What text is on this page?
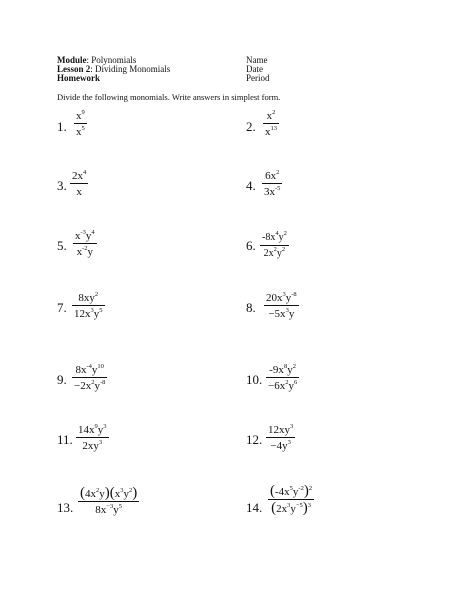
Module: Polynomials
Lesson 2: Dividing Monomials
Homework
Name
Date
Period
Divide the following monomials. Write answers in simplest form.
1.
$x^9$
$x^5$	2.
$x^2$
$x^{13}$
3.
$2x^4$
x	4.
$6x^2$
$3x^{-5}$
5.
$x^{-3}y^4$
$x^{-2}y$	6.
$-8x^4y^2$
$2x^2y^2$
7.
$8xy^2$
$12x^3y^5$	8.
$20x^3y^{-8}$
$-5x^3y$
9.
$8x^{-4}y^{10}$
$-2x^2y^{-8}$	10.
$-9x^8y^2$
$-6x^2y^6$
11.
$14x^9y^3$
$2xy^3$	12.
$12xy^3$
$-4y^3$
13.
$(4x^2y)(x^3y^2)$
$8x^{-3}y^5$	14.
$(-4x^5y^{-2})^2$
$(2x^3y^{-5})^3$
